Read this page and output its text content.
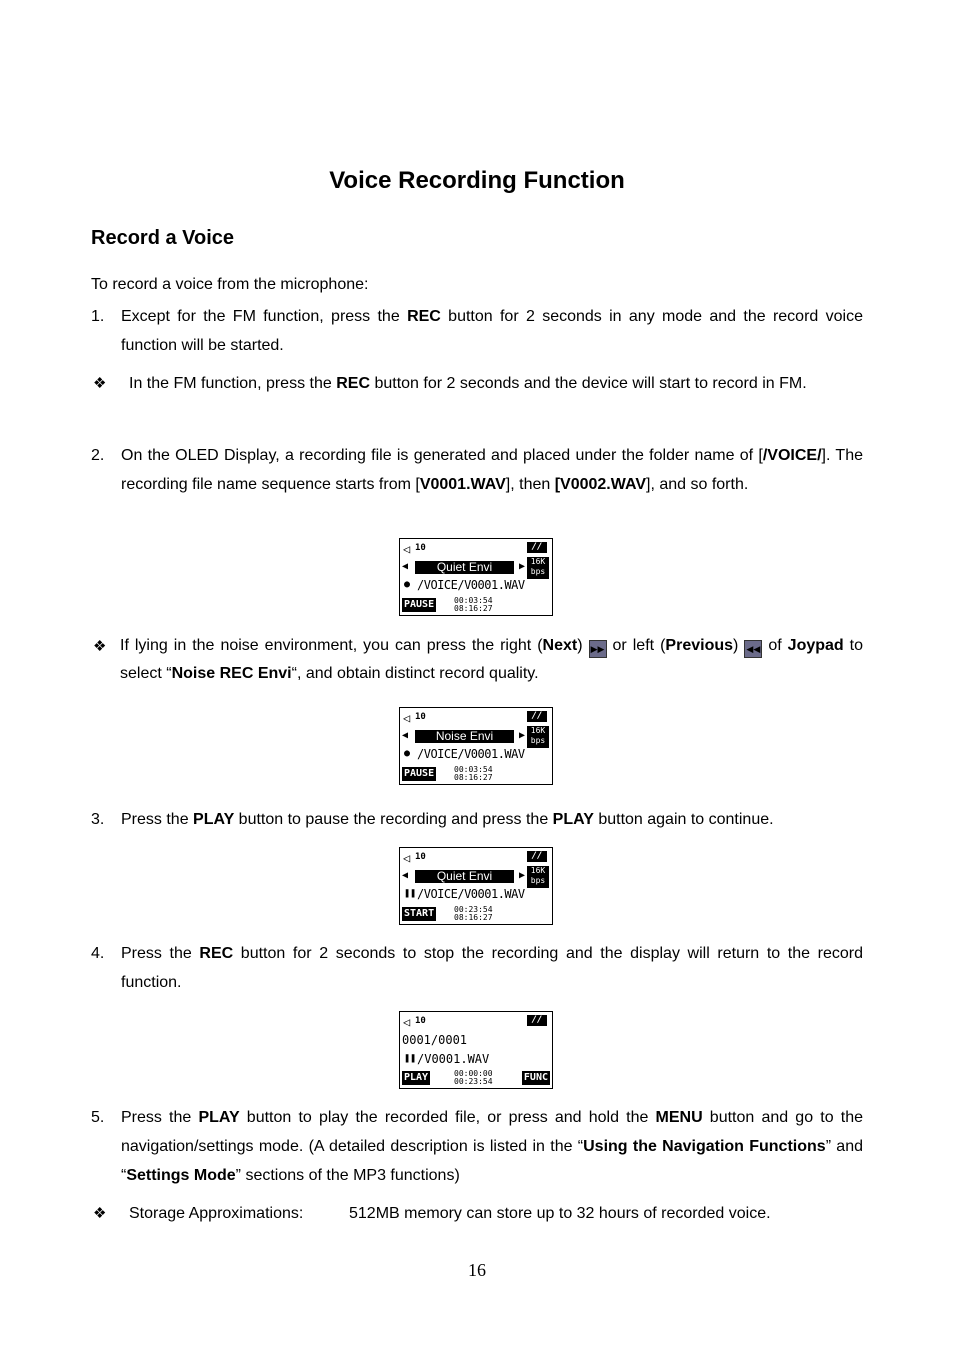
Voice Recording Function
Record a Voice
To record a voice from the microphone:
1. Except for the FM function, press the REC button for 2 seconds in any mode and the record voice function will be started.
❖ In the FM function, press the REC button for 2 seconds and the device will start to record in FM.
2. On the OLED Display, a recording file is generated and placed under the folder name of [/VOICE/]. The recording file name sequence starts from [V0001.WAV], then [V0002.WAV], and so forth.
◁ 10	//
◀	Quiet Envi	▶ 16K
bps
● /VOICE/V0001.WAV
PAUSE 00:03:54
08:16:27
❖ If lying in the noise environment, you can press the right (Next) ▶▶ or left (Previous) ◀◀ of Joypad to select “Noise REC Envi“, and obtain distinct record quality.
◁ 10	//
◀	Noise Envi	▶ 16K
bps
● /VOICE/V0001.WAV
PAUSE 00:03:54
08:16:27
3. Press the PLAY button to pause the recording and press the PLAY button again to continue.
◁ 10	//
◀	Quiet Envi	▶ 16K
bps
❚❚ /VOICE/V0001.WAV
START 00:23:54
08:16:27
4. Press the REC button for 2 seconds to stop the recording and the display will return to the record function.
◁ 10	//
0001/0001
❚❚ /V0001.WAV
PLAY	00:00:00
00:23:54	FUNC
5. Press the PLAY button to play the recorded file, or press and hold the MENU button and go to the navigation/settings mode. (A detailed description is listed in the “Using the Navigation Functions” and “Settings Mode” sections of the MP3 functions)
❖ Storage Approximations:	512MB memory can store up to 32 hours of recorded voice.
16
